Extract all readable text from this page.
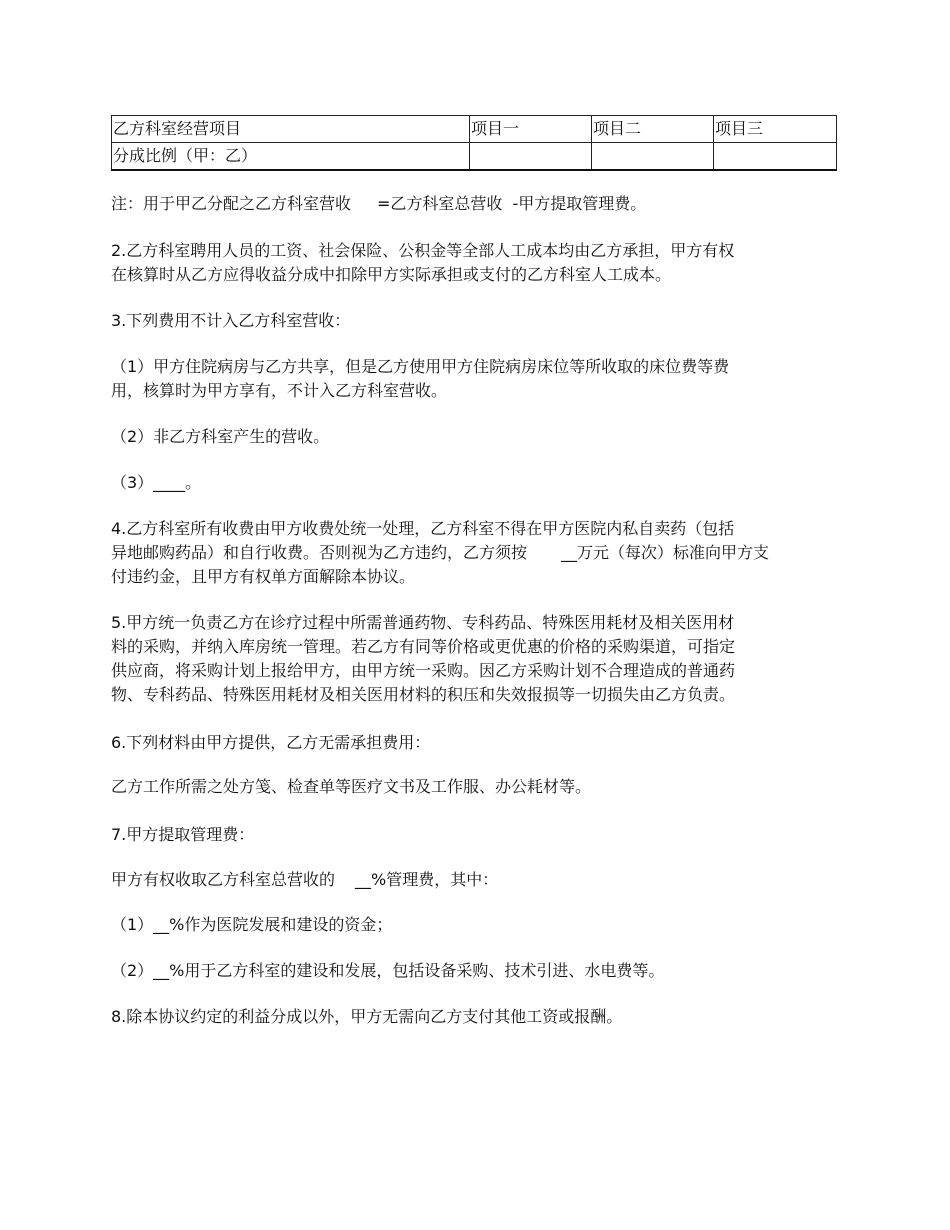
乙方科室经营项目	项目一	项目二	项目三
分成比例（甲：乙）			
注：用于甲乙分配之乙方科室营收 =乙方科室总营收 -甲方提取管理费。
2.乙方科室聘用人员的工资、社会保险、公积金等全部人工成本均由乙方承担，甲方有权
在核算时从乙方应得收益分成中扣除甲方实际承担或支付的乙方科室人工成本。
3.下列费用不计入乙方科室营收：
（1）甲方住院病房与乙方共享，但是乙方使用甲方住院病房床位等所收取的床位费等费
用，核算时为甲方享有，不计入乙方科室营收。
（2）非乙方科室产生的营收。
（3）____。
4.乙方科室所有收费由甲方收费处统一处理，乙方科室不得在甲方医院内私自卖药（包括
异地邮购药品）和自行收费。否则视为乙方违约，乙方须按 __万元（每次）标准向甲方支
付违约金，且甲方有权单方面解除本协议。
5.甲方统一负责乙方在诊疗过程中所需普通药物、专科药品、特殊医用耗材及相关医用材
料的采购，并纳入库房统一管理。若乙方有同等价格或更优惠的价格的采购渠道，可指定
供应商，将采购计划上报给甲方，由甲方统一采购。因乙方采购计划不合理造成的普通药
物、专科药品、特殊医用耗材及相关医用材料的积压和失效报损等一切损失由乙方负责。
6.下列材料由甲方提供，乙方无需承担费用：
乙方工作所需之处方笺、检查单等医疗文书及工作服、办公耗材等。
7.甲方提取管理费：
甲方有权收取乙方科室总营收的 __%管理费，其中：
（1）__%作为医院发展和建设的资金；
（2）__%用于乙方科室的建设和发展，包括设备采购、技术引进、水电费等。
8.除本协议约定的利益分成以外，甲方无需向乙方支付其他工资或报酬。
